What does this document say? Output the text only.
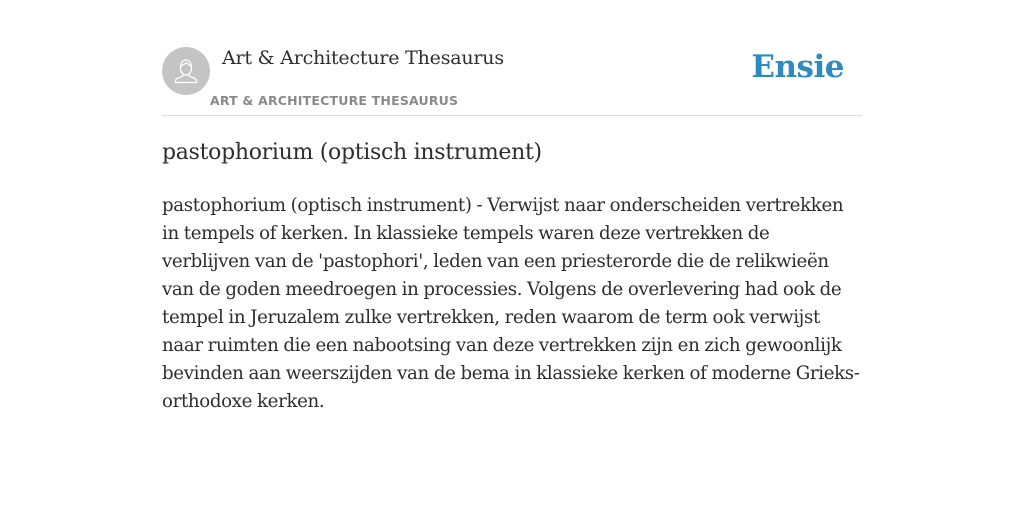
Art & Architecture Thesaurus
ART & ARCHITECTURE THESAURUS
Ensie
pastophorium (optisch instrument)

pastophorium (optisch instrument) - Verwijst naar onderscheiden vertrekken in tempels of kerken. In klassieke tempels waren deze vertrekken de verblijven van de 'pastophori', leden van een priesterorde die de relikwieën van de goden meedroegen in processies. Volgens de overlevering had ook de tempel in Jeruzalem zulke vertrekken, reden waarom de term ook verwijst naar ruimten die een nabootsing van deze vertrekken zijn en zich gewoonlijk bevinden aan weerszijden van de bema in klassieke kerken of moderne Grieks-orthodoxe kerken.
